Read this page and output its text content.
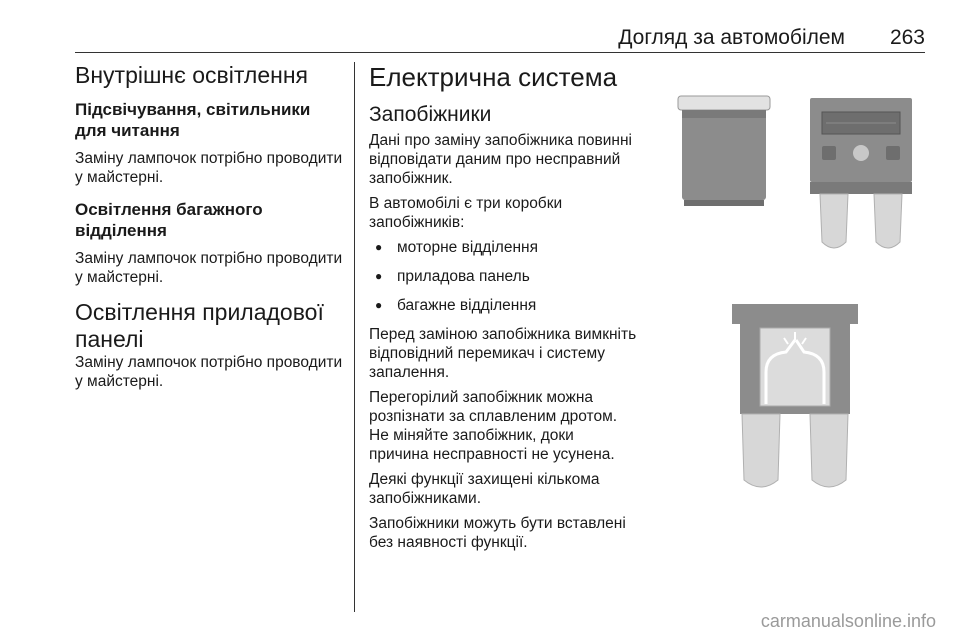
Догляд за автомобілем 263
Внутрішнє освітлення
Підсвічування, світильники для читання

Заміну лампочок потрібно проводити у майстерні.

Освітлення багажного відділення

Заміну лампочок потрібно проводити у майстерні.

Освітлення приладової панелі

Заміну лампочок потрібно проводити у майстерні.

Електрична система
Запобіжники

Дані про заміну запобіжника повинні відповідати даним про несправний запобіжник.

В автомобілі є три коробки запобіжників:

● моторне відділення
● приладова панель
● багажне відділення

Перед заміною запобіжника вимкніть відповідний перемикач і систему запалення.

Перегорілий запобіжник можна розпізнати за сплавленим дротом. Не міняйте запобіжник, доки причина несправності не усунена.

Деякі функції захищені кількома запобіжниками.

Запобіжники можуть бути вставлені без наявності функції.

carmanualsonline.info
